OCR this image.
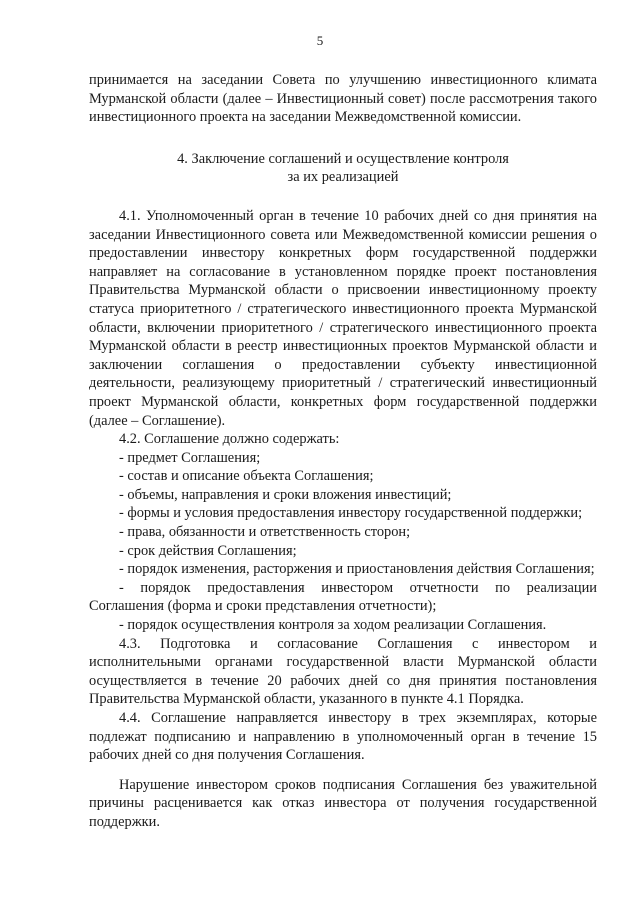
5

принимается на заседании Совета по улучшению инвестиционного климата Мурманской области (далее – Инвестиционный совет) после рассмотрения такого инвестиционного проекта на заседании Межведомственной комиссии.

4. Заключение соглашений и осуществление контроля
за их реализацией

4.1. Уполномоченный орган в течение 10 рабочих дней со дня принятия на заседании Инвестиционного совета или Межведомственной комиссии решения о предоставлении инвестору конкретных форм государственной поддержки направляет на согласование в установленном порядке проект постановления Правительства Мурманской области о присвоении инвестиционному проекту статуса приоритетного / стратегического инвестиционного проекта Мурманской области, включении приоритетного / стратегического инвестиционного проекта Мурманской области в реестр инвестиционных проектов Мурманской области и заключении соглашения о предоставлении субъекту инвестиционной деятельности, реализующему приоритетный / стратегический инвестиционный проект Мурманской области, конкретных форм государственной поддержки (далее – Соглашение).

4.2. Соглашение должно содержать:

- предмет Соглашения;

- состав и описание объекта Соглашения;

- объемы, направления и сроки вложения инвестиций;

- формы и условия предоставления инвестору государственной поддержки;

- права, обязанности и ответственность сторон;

- срок действия Соглашения;

- порядок изменения, расторжения и приостановления действия Соглашения;

- порядок предоставления инвестором отчетности по реализации Соглашения (форма и сроки представления отчетности);

- порядок осуществления контроля за ходом реализации Соглашения.

4.3. Подготовка и согласование Соглашения с инвестором и исполнительными органами государственной власти Мурманской области осуществляется в течение 20 рабочих дней со дня принятия постановления Правительства Мурманской области, указанного в пункте 4.1 Порядка.

4.4. Соглашение направляется инвестору в трех экземплярах, которые подлежат подписанию и направлению в уполномоченный орган в течение 15 рабочих дней со дня получения Соглашения.

Нарушение инвестором сроков подписания Соглашения без уважительной причины расценивается как отказ инвестора от получения государственной поддержки.
